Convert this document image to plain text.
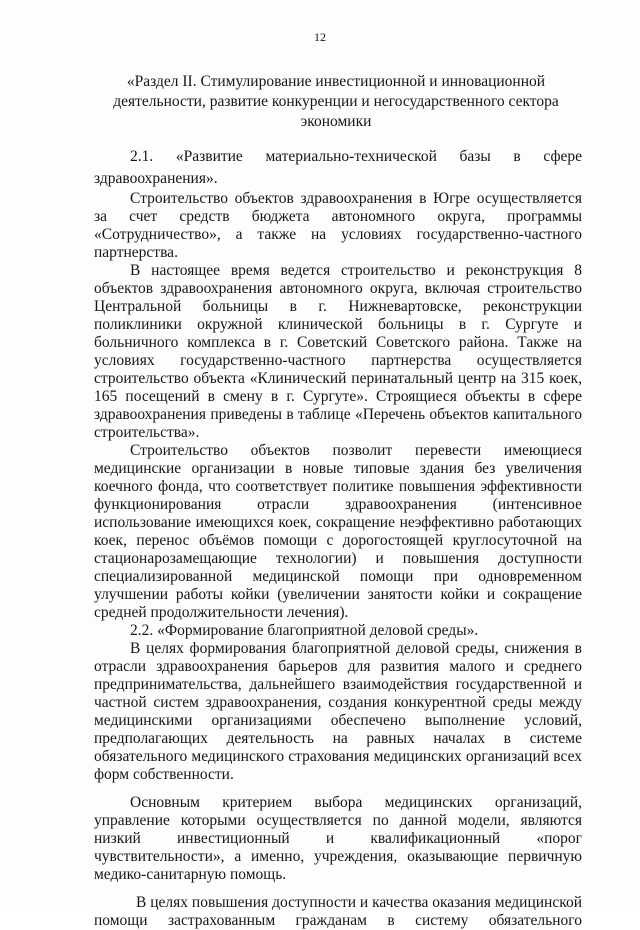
12
«Раздел II. Стимулирование инвестиционной и инновационной деятельности, развитие конкуренции и негосударственного сектора экономики

2.1. «Развитие материально-технической базы в сфере здравоохранения».

Строительство объектов здравоохранения в Югре осуществляется за счет средств бюджета автономного округа, программы «Сотрудничество», а также на условиях государственно-частного партнерства.

В настоящее время ведется строительство и реконструкция 8 объектов здравоохранения автономного округа, включая строительство Центральной больницы в г. Нижневартовске, реконструкции поликлиники окружной клинической больницы в г. Сургуте и больничного комплекса в г. Советский Советского района. Также на условиях государственно-частного партнерства осуществляется строительство объекта «Клинический перинатальный центр на 315 коек, 165 посещений в смену в г. Сургуте». Строящиеся объекты в сфере здравоохранения приведены в таблице «Перечень объектов капитального строительства».

Строительство объектов позволит перевести имеющиеся медицинские организации в новые типовые здания без увеличения коечного фонда, что соответствует политике повышения эффективности функционирования отрасли здравоохранения (интенсивное использование имеющихся коек, сокращение неэффективно работающих коек, перенос объёмов помощи с дорогостоящей круглосуточной на стационарозамещающие технологии) и повышения доступности специализированной медицинской помощи при одновременном улучшении работы койки (увеличении занятости койки и сокращение средней продолжительности лечения).

2.2. «Формирование благоприятной деловой среды».

В целях формирования благоприятной деловой среды, снижения в отрасли здравоохранения барьеров для развития малого и среднего предпринимательства, дальнейшего взаимодействия государственной и частной систем здравоохранения, создания конкурентной среды между медицинскими организациями обеспечено выполнение условий, предполагающих деятельность на равных началах в системе обязательного медицинского страхования медицинских организаций всех форм собственности.

Основным критерием выбора медицинских организаций, управление которыми осуществляется по данной модели, являются низкий инвестиционный и квалификационный «порог чувствительности», а именно, учреждения, оказывающие первичную медико-санитарную помощь.

В целях повышения доступности и качества оказания медицинской помощи застрахованным гражданам в систему обязательного
